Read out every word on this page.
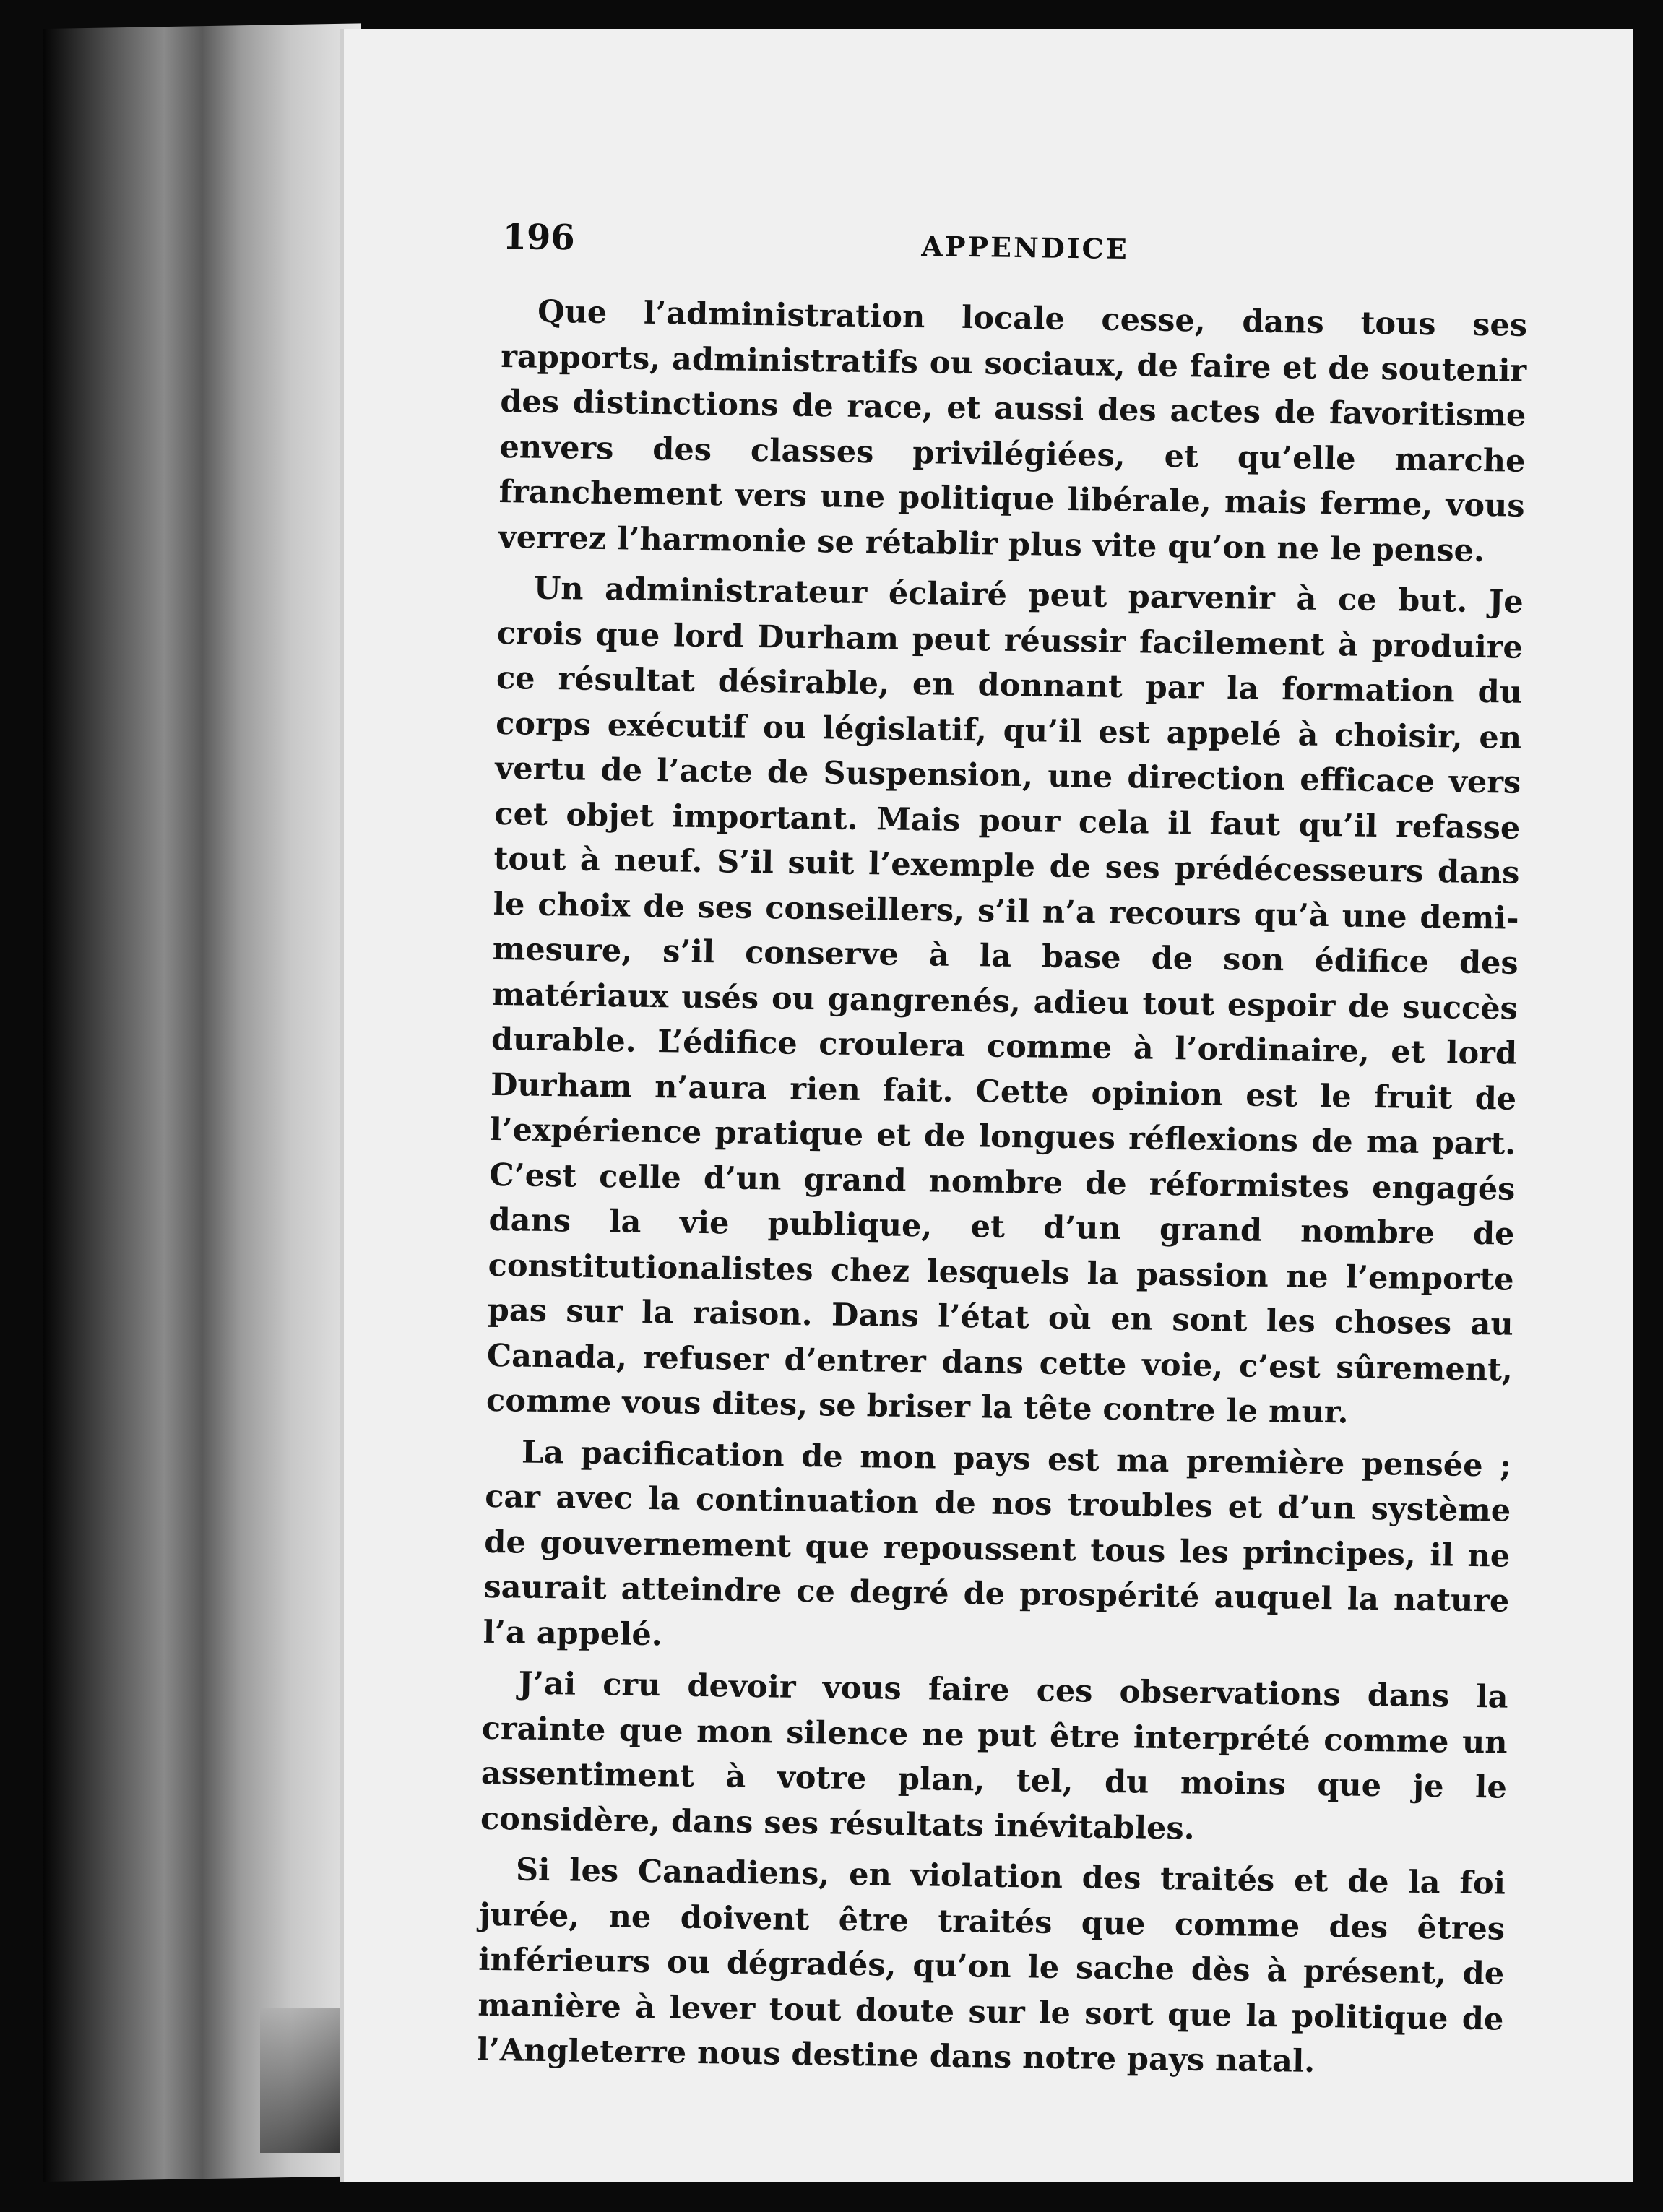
196	APPENDICE

Que l’administration locale cesse, dans tous ses rapports, administratifs ou sociaux, de faire et de soutenir des distinctions de race, et aussi des actes de favoritisme envers des classes privilégiées, et qu’elle marche franchement vers une politique libérale, mais ferme, vous verrez l’harmonie se rétablir plus vite qu’on ne le pense.

Un administrateur éclairé peut parvenir à ce but. Je crois que lord Durham peut réussir facilement à produire ce résultat désirable, en donnant par la formation du corps exécutif ou législatif, qu’il est appelé à choisir, en vertu de l’acte de Suspension, une direction efficace vers cet objet important. Mais pour cela il faut qu’il refasse tout à neuf. S’il suit l’exemple de ses prédécesseurs dans le choix de ses conseillers, s’il n’a recours qu’à une demi-mesure, s’il conserve à la base de son édifice des matériaux usés ou gangrenés, adieu tout espoir de succès durable. L’édifice croulera comme à l’ordinaire, et lord Durham n’aura rien fait. Cette opinion est le fruit de l’expérience pratique et de longues réflexions de ma part. C’est celle d’un grand nombre de réformistes engagés dans la vie publique, et d’un grand nombre de constitutionalistes chez lesquels la passion ne l’emporte pas sur la raison. Dans l’état où en sont les choses au Canada, refuser d’entrer dans cette voie, c’est sûrement, comme vous dites, se briser la tête contre le mur.

La pacification de mon pays est ma première pensée ; car avec la continuation de nos troubles et d’un système de gouvernement que repoussent tous les principes, il ne saurait atteindre ce degré de prospérité auquel la nature l’a appelé.

J’ai cru devoir vous faire ces observations dans la crainte que mon silence ne put être interprété comme un assentiment à votre plan, tel, du moins que je le considère, dans ses résultats inévitables.

Si les Canadiens, en violation des traités et de la foi jurée, ne doivent être traités que comme des êtres inférieurs ou dégradés, qu’on le sache dès à présent, de manière à lever tout doute sur le sort que la politique de l’Angleterre nous destine dans notre pays natal.
